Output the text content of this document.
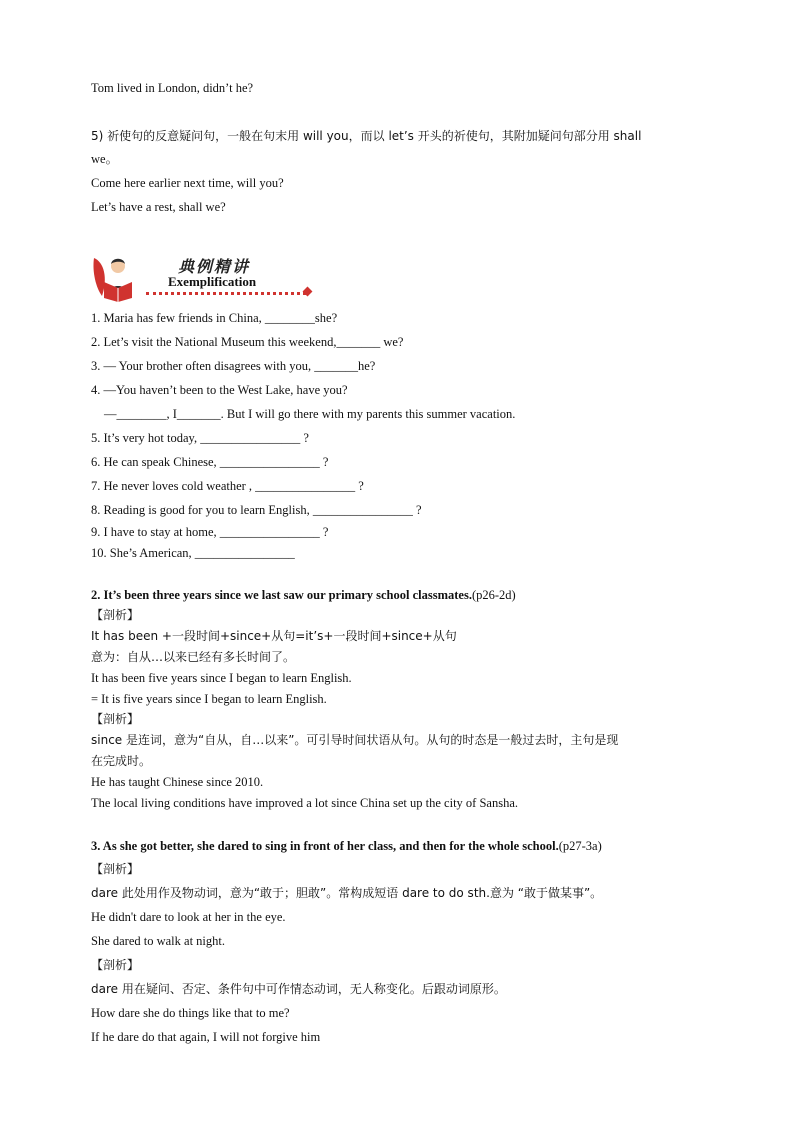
Tom lived in London, didn’t he?
5) 祈使句的反意疑问句，一般在句末用 will you，而以 let’s 开头的祈使句，其附加疑问句部分用 shall
we。
Come here earlier next time, will you?
Let’s have a rest, shall we?
典例精讲
Exemplification
1. Maria has few friends in China, ________she?
2. Let’s visit the National Museum this weekend,_______ we?
3. — Your brother often disagrees with you, _______he?
4. —You haven’t been to the West Lake, have you?
—________, I_______. But I will go there with my parents this summer vacation.
5. It’s very hot today, ________________ ?
6. He can speak Chinese, ________________ ?
7. He never loves cold weather , ________________ ?
8. Reading is good for you to learn English, ________________ ?
9. I have to stay at home, ________________ ?
10. She’s American, ________________
2. It’s been three years since we last saw our primary school classmates.(p26-2d)
【剖析】
It has been +一段时间+since+从句=it’s+一段时间+since+从句
意为：自从…以来已经有多长时间了。
It has been five years since I began to learn English.
= It is five years since I began to learn English.
【剖析】
since 是连词，意为“自从，自…以来”。可引导时间状语从句。从句的时态是一般过去时，主句是现
在完成时。
He has taught Chinese since 2010.
The local living conditions have improved a lot since China set up the city of Sansha.
3. As she got better, she dared to sing in front of her class, and then for the whole school.(p27-3a)
【剖析】
dare 此处用作及物动词，意为“敢于；胆敢”。常构成短语 dare to do sth.意为 “敢于做某事”。
He didn't dare to look at her in the eye.
She dared to walk at night.
【剖析】
dare 用在疑问、否定、条件句中可作情态动词，无人称变化。后跟动词原形。
How dare she do things like that to me?
If he dare do that again, I will not forgive him
